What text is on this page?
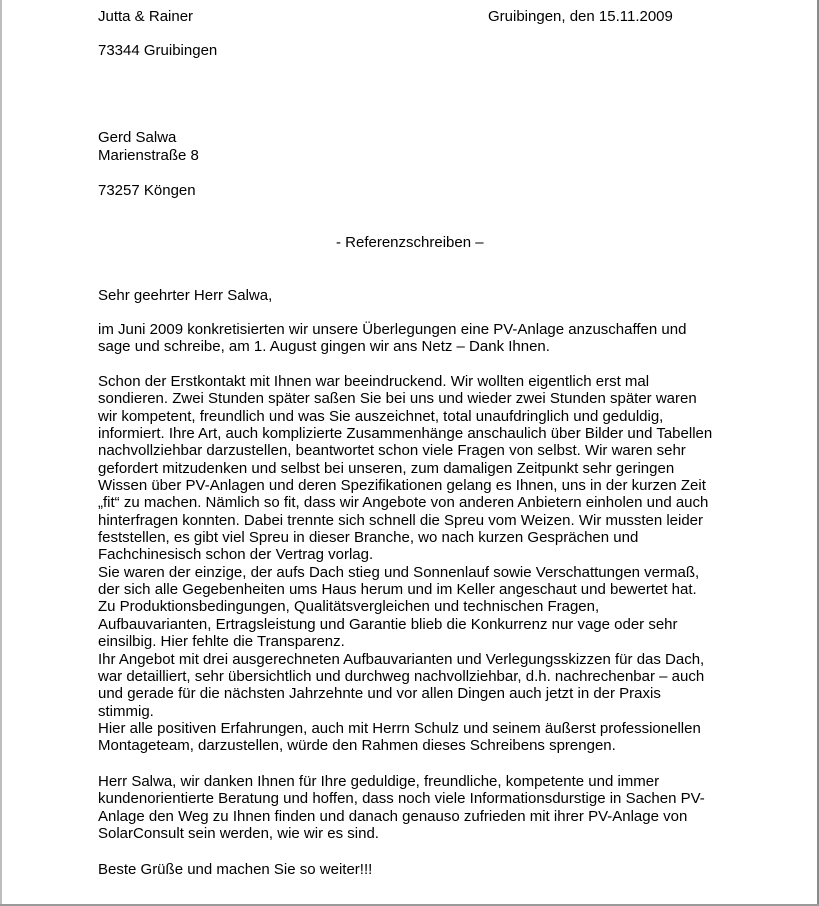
Jutta & Rainer	Gruibingen, den 15.11.2009

73344 Gruibingen

Gerd Salwa

Marienstraße 8

73257 Köngen

- Referenzschreiben –

Sehr geehrter Herr Salwa,

im Juni 2009 konkretisierten wir unsere Überlegungen eine PV-Anlage anzuschaffen und
sage und schreibe, am 1. August gingen wir ans Netz – Dank Ihnen.
Schon der Erstkontakt mit Ihnen war beeindruckend. Wir wollten eigentlich erst mal
sondieren. Zwei Stunden später saßen Sie bei uns und wieder zwei Stunden später waren
wir kompetent, freundlich und was Sie auszeichnet, total unaufdringlich und geduldig,
informiert. Ihre Art, auch komplizierte Zusammenhänge anschaulich über Bilder und Tabellen
nachvollziehbar darzustellen, beantwortet schon viele Fragen von selbst. Wir waren sehr
gefordert mitzudenken und selbst bei unseren, zum damaligen Zeitpunkt sehr geringen
Wissen über PV-Anlagen und deren Spezifikationen gelang es Ihnen, uns in der kurzen Zeit
„fit“ zu machen. Nämlich so fit, dass wir Angebote von anderen Anbietern einholen und auch
hinterfragen konnten. Dabei trennte sich schnell die Spreu vom Weizen. Wir mussten leider
feststellen, es gibt viel Spreu in dieser Branche, wo nach kurzen Gesprächen und
Fachchinesisch schon der Vertrag vorlag.
Sie waren der einzige, der aufs Dach stieg und Sonnenlauf sowie Verschattungen vermaß,
der sich alle Gegebenheiten ums Haus herum und im Keller angeschaut und bewertet hat.
Zu Produktionsbedingungen, Qualitätsvergleichen und technischen Fragen,
Aufbauvarianten, Ertragsleistung und Garantie blieb die Konkurrenz nur vage oder sehr
einsilbig. Hier fehlte die Transparenz.
Ihr Angebot mit drei ausgerechneten Aufbauvarianten und Verlegungsskizzen für das Dach,
war detailliert, sehr übersichtlich und durchweg nachvollziehbar, d.h. nachrechenbar – auch
und gerade für die nächsten Jahrzehnte und vor allen Dingen auch jetzt in der Praxis
stimmig.
Hier alle positiven Erfahrungen, auch mit Herrn Schulz und seinem äußerst professionellen
Montageteam, darzustellen, würde den Rahmen dieses Schreibens sprengen.
Herr Salwa, wir danken Ihnen für Ihre geduldige, freundliche, kompetente und immer
kundenorientierte Beratung und hoffen, dass noch viele Informationsdurstige in Sachen PV-
Anlage den Weg zu Ihnen finden und danach genauso zufrieden mit ihrer PV-Anlage von
SolarConsult sein werden, wie wir es sind.

Beste Grüße und machen Sie so weiter!!!
